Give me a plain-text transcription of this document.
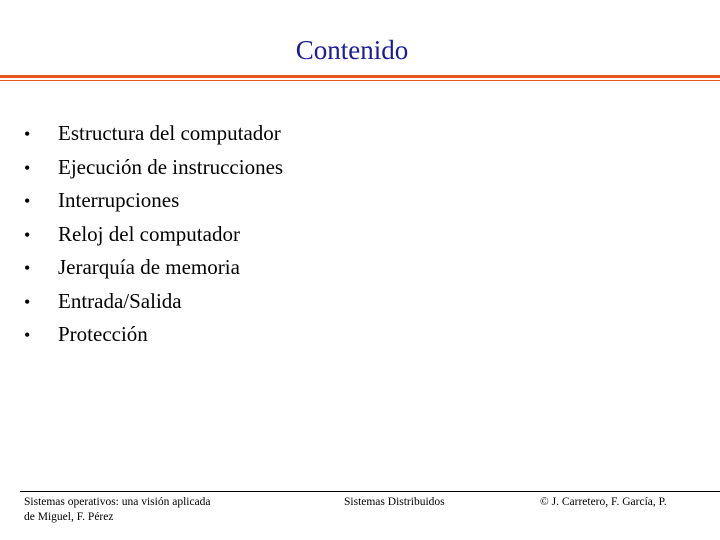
Contenido
•	Estructura del computador
•	Ejecución de instrucciones
•	Interrupciones
•	Reloj del computador
•	Jerarquía de memoria
•	Entrada/Salida
•	Protección
Sistemas operativos: una visión aplicada
de Miguel, F. Pérez
Sistemas Distribuidos	© J. Carretero, F. García, P.
